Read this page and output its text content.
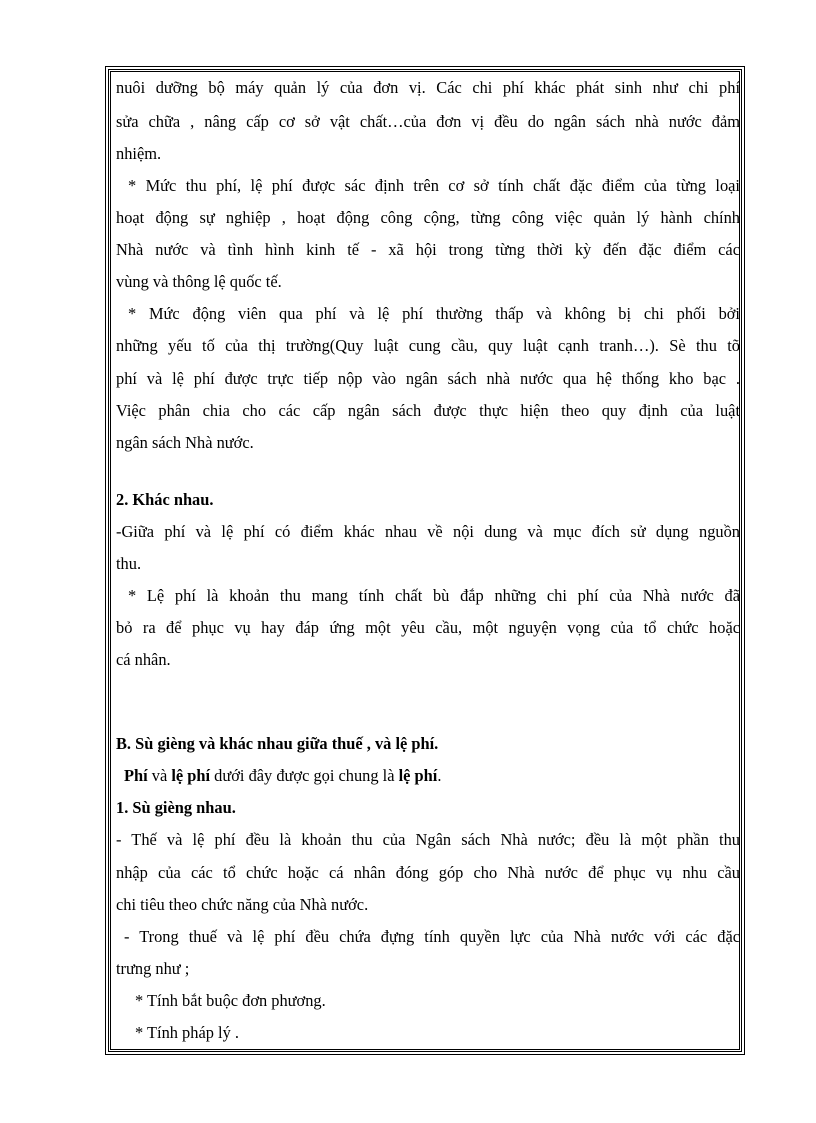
nuôi dưỡng bộ máy quản lý của đơn vị. Các chi phí khác phát sinh như chi phí
sửa chữa , nâng cấp cơ sở vật chất…của đơn vị đều do ngân sách nhà nước đảm
nhiệm.
* Mức thu phí, lệ phí được sác định trên cơ sở tính chất đặc điểm của từng loại
hoạt động sự nghiệp , hoạt động công cộng, từng công việc quản lý hành chính
Nhà nước và tình hình kinh tế - xã hội trong từng thời kỳ đến đặc điểm các
vùng và thông lệ quốc tế.
* Mức động viên qua phí và lệ phí thường thấp và không bị chi phối bởi
những yếu tố của thị trường(Quy luật cung cầu, quy luật cạnh tranh…). Sè thu tõ
phí và lệ phí được trực tiếp nộp vào ngân sách nhà nước qua hệ thống kho bạc .
Việc phân chia cho các cấp ngân sách được thực hiện theo quy định của luật
ngân sách Nhà nước.
2. Khác nhau.
-Giữa phí và lệ phí có điểm khác nhau về nội dung và mục đích sử dụng nguồn
thu.
* Lệ phí là khoản thu mang tính chất bù đắp những chi phí của Nhà nước đã
bỏ ra để phục vụ hay đáp ứng một yêu cầu, một nguyện vọng của tổ chức hoặc
cá nhân.
B. Sù gièng và khác nhau giữa thuế , và lệ phí.
Phí và lệ phí dưới đây được gọi chung là lệ phí.
1. Sù gièng nhau.
- Thế và lệ phí đều là khoản thu của Ngân sách Nhà nước; đều là một phần thu
nhập của các tổ chức hoặc cá nhân đóng góp cho Nhà nước để phục vụ nhu cầu
chi tiêu theo chức năng của Nhà nước.
- Trong thuế và lệ phí đều chứa đựng tính quyền lực của Nhà nước với các đặc
trưng như ;
* Tính bắt buộc đơn phương.
* Tính pháp lý .
